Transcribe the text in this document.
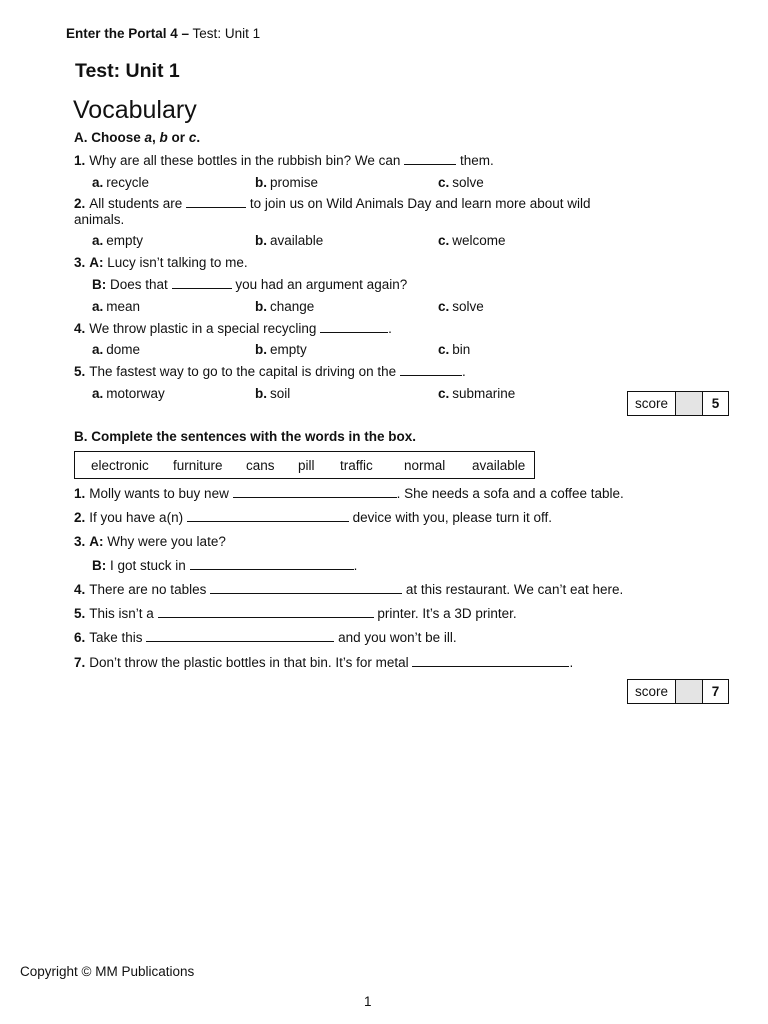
Enter the Portal 4 – Test: Unit 1
Test: Unit 1
Vocabulary
A. Choose a, b or c.
1. Why are all these bottles in the rubbish bin? We can	them.
a. recycle	b. promise	c. solve
2. All students are	to join us on Wild Animals Day and learn more about wild
animals.
a. empty	b. available	c. welcome
3. A: Lucy isn’t talking to me.
B: Does that	you had an argument again?
a. mean	b. change	c. solve
4. We throw plastic in a special recycling	.
a. dome	b. empty	c. bin
5. The fastest way to go to the capital is driving on the	.
a. motorway	b. soil	c. submarine
score	5
B. Complete the sentences with the words in the box.
electronic furniture cans pill traffic normal available
1. Molly wants to buy new	. She needs a sofa and a coffee table.
2. If you have a(n)	device with you, please turn it off.
3. A: Why were you late?
B: I got stuck in	.
4. There are no tables	at this restaurant. We can’t eat here.
5. This isn’t a	printer. It’s a 3D printer.
6. Take this	and you won’t be ill.
7. Don’t throw the plastic bottles in that bin. It’s for metal	.
score	7
Copyright © MM Publications
1
